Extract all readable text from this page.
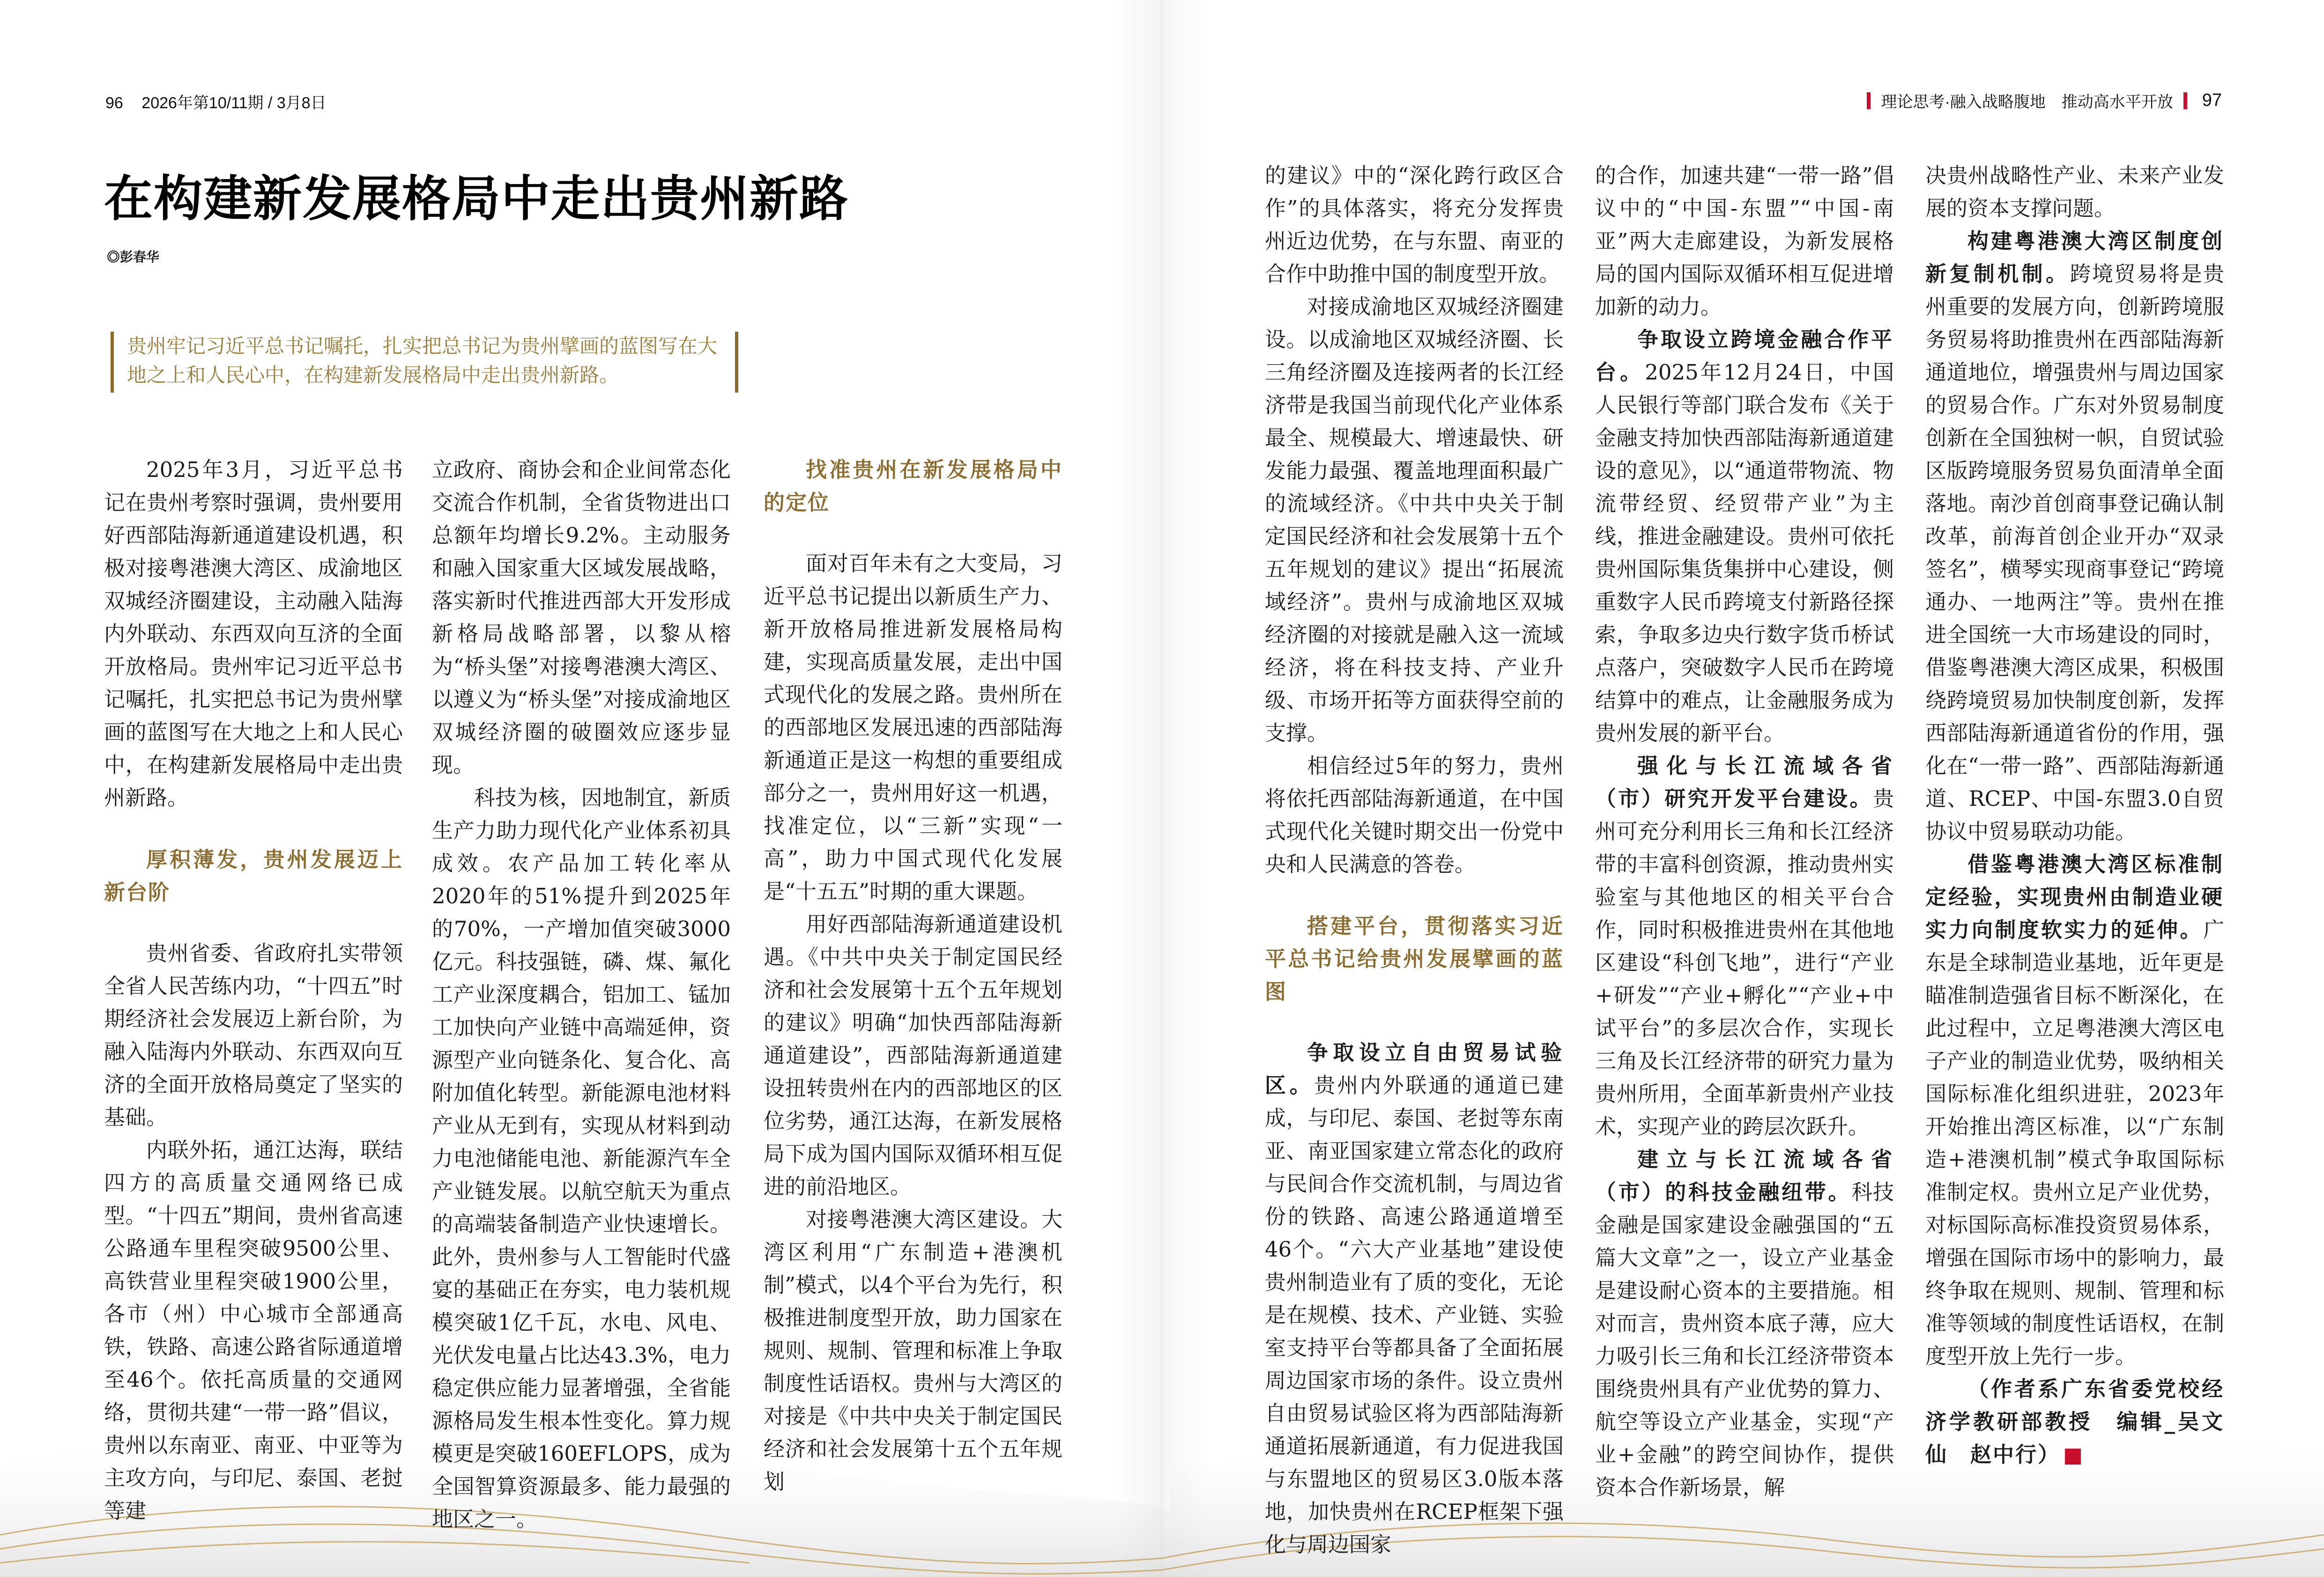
96 2026年第10/11期 / 3月8日	理论思考·融入战略腹地　推动高水平开放 97
在构建新发展格局中走出贵州新路
◎彭春华
贵州牢记习近平总书记嘱托，扎实把总书记为贵州擘画的蓝图写在大地之上和人民心中，在构建新发展格局中走出贵州新路。

2025年3月，习近平总书记在贵州考察时强调，贵州要用好西部陆海新通道建设机遇，积极对接粤港澳大湾区、成渝地区双城经济圈建设，主动融入陆海内外联动、东西双向互济的全面开放格局。贵州牢记习近平总书记嘱托，扎实把总书记为贵州擘画的蓝图写在大地之上和人民心中，在构建新发展格局中走出贵州新路。

厚积薄发，贵州发展迈上新台阶

贵州省委、省政府扎实带领全省人民苦练内功，“十四五”时期经济社会发展迈上新台阶，为融入陆海内外联动、东西双向互济的全面开放格局奠定了坚实的基础。

内联外拓，通江达海，联结四方的高质量交通网络已成型。“十四五”期间，贵州省高速公路通车里程突破9500公里、高铁营业里程突破1900公里，各市（州）中心城市全部通高铁，铁路、高速公路省际通道增至46个。依托高质量的交通网络，贯彻共建“一带一路”倡议，贵州以东南亚、南亚、中亚等为主攻方向，与印尼、泰国、老挝等建

立政府、商协会和企业间常态化交流合作机制，全省货物进出口总额年均增长9.2%。主动服务和融入国家重大区域发展战略，落实新时代推进西部大开发形成新格局战略部署，以黎从榕为“桥头堡”对接粤港澳大湾区、以遵义为“桥头堡”对接成渝地区双城经济圈的破圈效应逐步显现。

科技为核，因地制宜，新质生产力助力现代化产业体系初具成效。农产品加工转化率从2020年的51%提升到2025年的70%，一产增加值突破3000亿元。科技强链，磷、煤、氟化工产业深度耦合，铝加工、锰加工加快向产业链中高端延伸，资源型产业向链条化、复合化、高附加值化转型。新能源电池材料产业从无到有，实现从材料到动力电池储能电池、新能源汽车全产业链发展。以航空航天为重点的高端装备制造产业快速增长。此外，贵州参与人工智能时代盛宴的基础正在夯实，电力装机规模突破1亿千瓦，水电、风电、光伏发电量占比达43.3%，电力稳定供应能力显著增强，全省能源格局发生根本性变化。算力规模更是突破160EFLOPS，成为全国智算资源最多、能力最强的地区之一。

找准贵州在新发展格局中的定位

面对百年未有之大变局，习近平总书记提出以新质生产力、新开放格局推进新发展格局构建，实现高质量发展，走出中国式现代化的发展之路。贵州所在的西部地区发展迅速的西部陆海新通道正是这一构想的重要组成部分之一，贵州用好这一机遇，找准定位，以“三新”实现“一高”，助力中国式现代化发展是“十五五”时期的重大课题。

用好西部陆海新通道建设机遇。《中共中央关于制定国民经济和社会发展第十五个五年规划的建议》明确“加快西部陆海新通道建设”，西部陆海新通道建设扭转贵州在内的西部地区的区位劣势，通江达海，在新发展格局下成为国内国际双循环相互促进的前沿地区。

对接粤港澳大湾区建设。大湾区利用“广东制造+港澳机制”模式，以4个平台为先行，积极推进制度型开放，助力国家在规则、规制、管理和标准上争取制度性话语权。贵州与大湾区的对接是《中共中央关于制定国民经济和社会发展第十五个五年规划

的建议》中的“深化跨行政区合作”的具体落实，将充分发挥贵州近边优势，在与东盟、南亚的合作中助推中国的制度型开放。

对接成渝地区双城经济圈建设。以成渝地区双城经济圈、长三角经济圈及连接两者的长江经济带是我国当前现代化产业体系最全、规模最大、增速最快、研发能力最强、覆盖地理面积最广的流域经济。《中共中央关于制定国民经济和社会发展第十五个五年规划的建议》提出“拓展流域经济”。贵州与成渝地区双城经济圈的对接就是融入这一流域经济，将在科技支持、产业升级、市场开拓等方面获得空前的支撑。

相信经过5年的努力，贵州将依托西部陆海新通道，在中国式现代化关键时期交出一份党中央和人民满意的答卷。

搭建平台，贯彻落实习近平总书记给贵州发展擘画的蓝图

争取设立自由贸易试验区。贵州内外联通的通道已建成，与印尼、泰国、老挝等东南亚、南亚国家建立常态化的政府与民间合作交流机制，与周边省份的铁路、高速公路通道增至46个。“六大产业基地”建设使贵州制造业有了质的变化，无论是在规模、技术、产业链、实验室支持平台等都具备了全面拓展周边国家市场的条件。设立贵州自由贸易试验区将为西部陆海新通道拓展新通道，有力促进我国与东盟地区的贸易区3.0版本落地，加快贵州在RCEP框架下强化与周边国家

的合作，加速共建“一带一路”倡议中的“中国-东盟”“中国-南亚”两大走廊建设，为新发展格局的国内国际双循环相互促进增加新的动力。

争取设立跨境金融合作平台。2025年12月24日，中国人民银行等部门联合发布《关于金融支持加快西部陆海新通道建设的意见》，以“通道带物流、物流带经贸、经贸带产业”为主线，推进金融建设。贵州可依托贵州国际集货集拼中心建设，侧重数字人民币跨境支付新路径探索，争取多边央行数字货币桥试点落户，突破数字人民币在跨境结算中的难点，让金融服务成为贵州发展的新平台。

强化与长江流域各省（市）研究开发平台建设。贵州可充分利用长三角和长江经济带的丰富科创资源，推动贵州实验室与其他地区的相关平台合作，同时积极推进贵州在其他地区建设“科创飞地”，进行“产业+研发”“产业+孵化”“产业+中试平台”的多层次合作，实现长三角及长江经济带的研究力量为贵州所用，全面革新贵州产业技术，实现产业的跨层次跃升。

建立与长江流域各省（市）的科技金融纽带。科技金融是国家建设金融强国的“五篇大文章”之一，设立产业基金是建设耐心资本的主要措施。相对而言，贵州资本底子薄，应大力吸引长三角和长江经济带资本围绕贵州具有产业优势的算力、航空等设立产业基金，实现“产业+金融”的跨空间协作，提供资本合作新场景，解

决贵州战略性产业、未来产业发展的资本支撑问题。

构建粤港澳大湾区制度创新复制机制。跨境贸易将是贵州重要的发展方向，创新跨境服务贸易将助推贵州在西部陆海新通道地位，增强贵州与周边国家的贸易合作。广东对外贸易制度创新在全国独树一帜，自贸试验区版跨境服务贸易负面清单全面落地。南沙首创商事登记确认制改革，前海首创企业开办“双录签名”，横琴实现商事登记“跨境通办、一地两注”等。贵州在推进全国统一大市场建设的同时，借鉴粤港澳大湾区成果，积极围绕跨境贸易加快制度创新，发挥西部陆海新通道省份的作用，强化在“一带一路”、西部陆海新通道、RCEP、中国-东盟3.0自贸协议中贸易联动功能。

借鉴粤港澳大湾区标准制定经验，实现贵州由制造业硬实力向制度软实力的延伸。广东是全球制造业基地，近年更是瞄准制造强省目标不断深化，在此过程中，立足粤港澳大湾区电子产业的制造业优势，吸纳相关国际标准化组织进驻，2023年开始推出湾区标准，以“广东制造+港澳机制”模式争取国际标准制定权。贵州立足产业优势，对标国际高标准投资贸易体系，增强在国际市场中的影响力，最终争取在规则、规制、管理和标准等领域的制度性话语权，在制度型开放上先行一步。

（作者系广东省委党校经济学教研部教授　编辑_吴文仙　赵中行）	D
